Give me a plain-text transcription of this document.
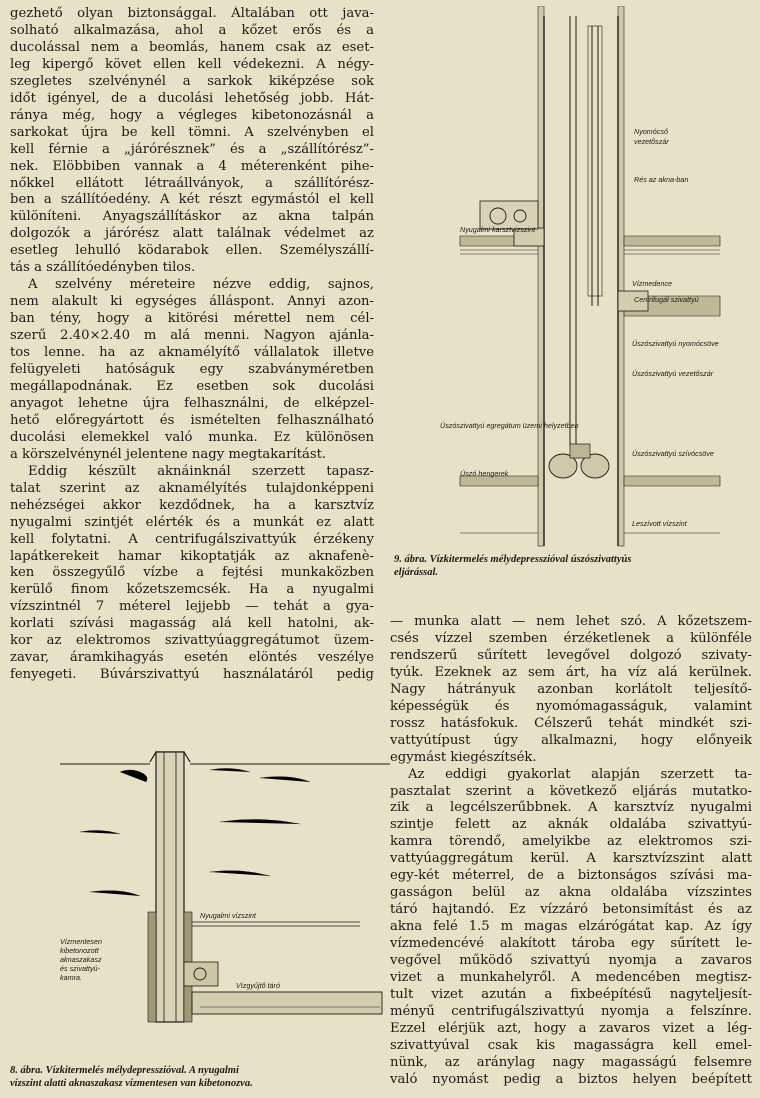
gezhető olyan biztonsággal. Általában ott java-
solható alkalmazása, ahol a kőzet erős és a
ducolással nem a beomlás, hanem csak az eset-
leg kipergő követ ellen kell védekezni. A négy-
szegletes szelvénynél a sarkok kiképzése sok
időt igényel, de a ducolási lehetőség jobb. Hát-
ránya még, hogy a végleges kibetonozásnál a
sarkokat újra be kell tömni. A szelvényben el
kell férnie a „járórésznek” és a „szállítórész”-
nek. Elöbbiben vannak a 4 méterenként pihe-
nőkkel ellátott létraállványok, a szállítórész-
ben a szállítóedény. A két részt egymástól el kell
különíteni. Anyagszállításkor az akna talpán
dolgozók a járórész alatt találnak védelmet az
esetleg lehulló ködarabok ellen. Személyszállí-
tás a szállítóedényben tilos.
A szelvény méreteire nézve eddig, sajnos,
nem alakult ki egységes álláspont. Annyi azon-
ban tény, hogy a kitörési mérettel nem cél-
szerű 2.40×2.40 m alá menni. Nagyon ajánla-
tos lenne. ha az aknamélyítő vállalatok illetve
felügyeleti hatóságuk egy szabványméretben
megállapodnának. Ez esetben sok ducolási
anyagot lehetne újra felhasználni, de elképzel-
hető előregyártott és ismételten felhasználható
ducolási elemekkel való munka. Ez különösen
a körszelvénynél jelentene nagy megtakarítást.
Eddig készült aknáinknál szerzett tapasz-
talat szerint az aknamélyítés tulajdonképpeni
nehézségei akkor kezdődnek, ha a karsztvíz
nyugalmi szintjét elérték és a munkát ez alatt
kell folytatni. A centrifugálszivattyúk érzékeny
lapátkerekeit hamar kikoptatják az aknafenè-
ken összegyűlő vízbe a fejtési munkaközben
kerülő finom kőzetszemcsék. Ha a nyugalmi
vízszintnél 7 méterel lejjebb — tehát a gya-
korlati szívási magasság alá kell hatolni, ak-
kor az elektromos szivattyúaggregátumot üzem-
zavar, áramkihagyás esetén elöntés veszélye
fenyegeti. Búvárszivattyú használatáról pedig
— munka alatt — nem lehet szó. A kőzetszem-
csés vízzel szemben érzéketlenek a különféle
rendszerű sűrített levegővel dolgozó szivaty-
tyúk. Ezeknek az sem árt, ha víz alá kerülnek.
Nagy hátrányuk azonban korlátolt teljesítő-
képességük és nyomómagasságuk, valamint
rossz hatásfokuk. Célszerű tehát mindkét szi-
vattyútípust úgy alkalmazni, hogy előnyeik
egymást kiegészítsék.
Az eddigi gyakorlat alapján szerzett ta-
pasztalat szerint a következő eljárás mutatko-
zik a legcélszerűbbnek. A karsztvíz nyugalmi
szintje felett az aknák oldalába szivattyú-
kamra törendő, amelyikbe az elektromos szi-
vattyúaggregátum kerül. A karsztvízszint alatt
egy-két méterrel, de a biztonságos szívási ma-
gasságon belül az akna oldalába vízszintes
táró hajtandó. Ez vízzáró betonsimítást és az
akna felé 1.5 m magas elzárógátat kap. Az így
vízmedencévé alakított tároba egy sűrített le-
vegővel működő szivattyú nyomja a zavaros
vizet a munkahelyről. A medencében megtisz-
tult vizet azután a fixbeépítésű nagyteljesít-
ményű centrifugálszivattyú nyomja a felszínre.
Ezzel elérjük azt, hogy a zavaros vizet a lég-
szivattyúval csak kis magasságra kell emel-
nünk, az aránylag nagy magasságú felsemre
való nyomást pedig a biztos helyen beépített
Nyomócső
vezetőszár
Rés az akna-ban
Nyugalmi karsztvízszint
Vízmedence
Centrifugál szivattyú
Úszószivattyú nyomócsöve
Úszószivattyú vezetőszár
Úszószivattyú egregátum üzemi helyzetben
Úszó hengerek
Úszószivattyú szívócsöve
Leszívott vízszint
9. ábra. Vízkitermelés mélydepresszióval úszószivattyús
eljárással.
Nyugalmi vízszint
Vízmentesen
kibetonozott
aknaszakasz
és szivattyú-
kamra.
Vízgyűjtő táró
8. ábra. Vízkitermelés mélydepresszióval. A nyugalmi
vízszint alatti aknaszakasz vízmentesen van kibetonozva.
